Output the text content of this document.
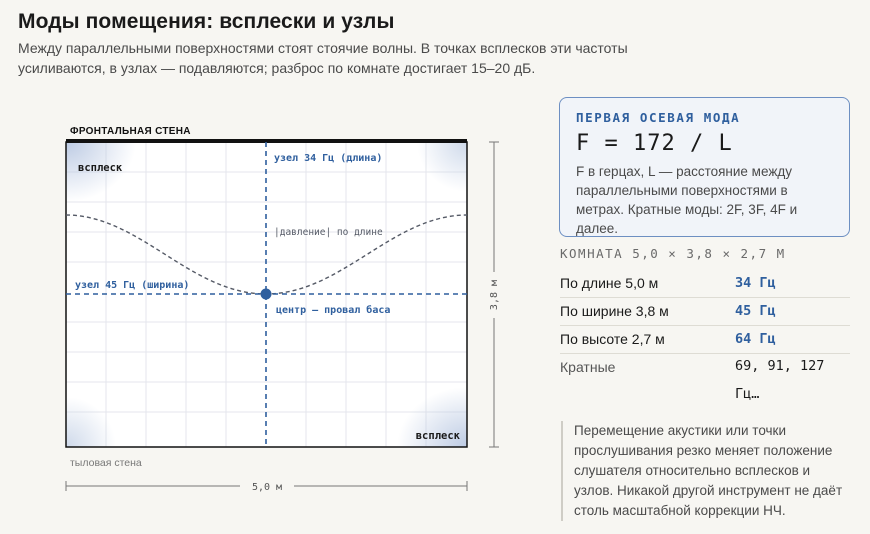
Моды помещения: всплески и узлы
Между параллельными поверхностями стоят стоячие волны. В точках всплесков эти частоты усиливаются, в узлах — подавляются; разброс по комнате достигает 15–20 дБ.
ФРОНТАЛЬНАЯ СТЕНА
тыловая стена
всплеск
всплеск
узел 34 Гц (длина)
узел 45 Гц (ширина)
|давление| по длине
центр — провал баса
5,0 м
3,8 м
ПЕРВАЯ ОСЕВАЯ МОДА
F = 172 / L
F в герцах, L — расстояние между параллельными поверхностями в метрах. Кратные моды: 2F, 3F, 4F и далее.
КОМНАТА 5,0 × 3,8 × 2,7 М
По длине 5,0 м	34 Гц
По ширине 3,8 м	45 Гц
По высоте 2,7 м	64 Гц
Кратные	69, 91, 127 Гц…
Перемещение акустики или точки прослушивания резко меняет положение слушателя относительно всплесков и узлов. Никакой другой инструмент не даёт столь масштабной коррекции НЧ.
